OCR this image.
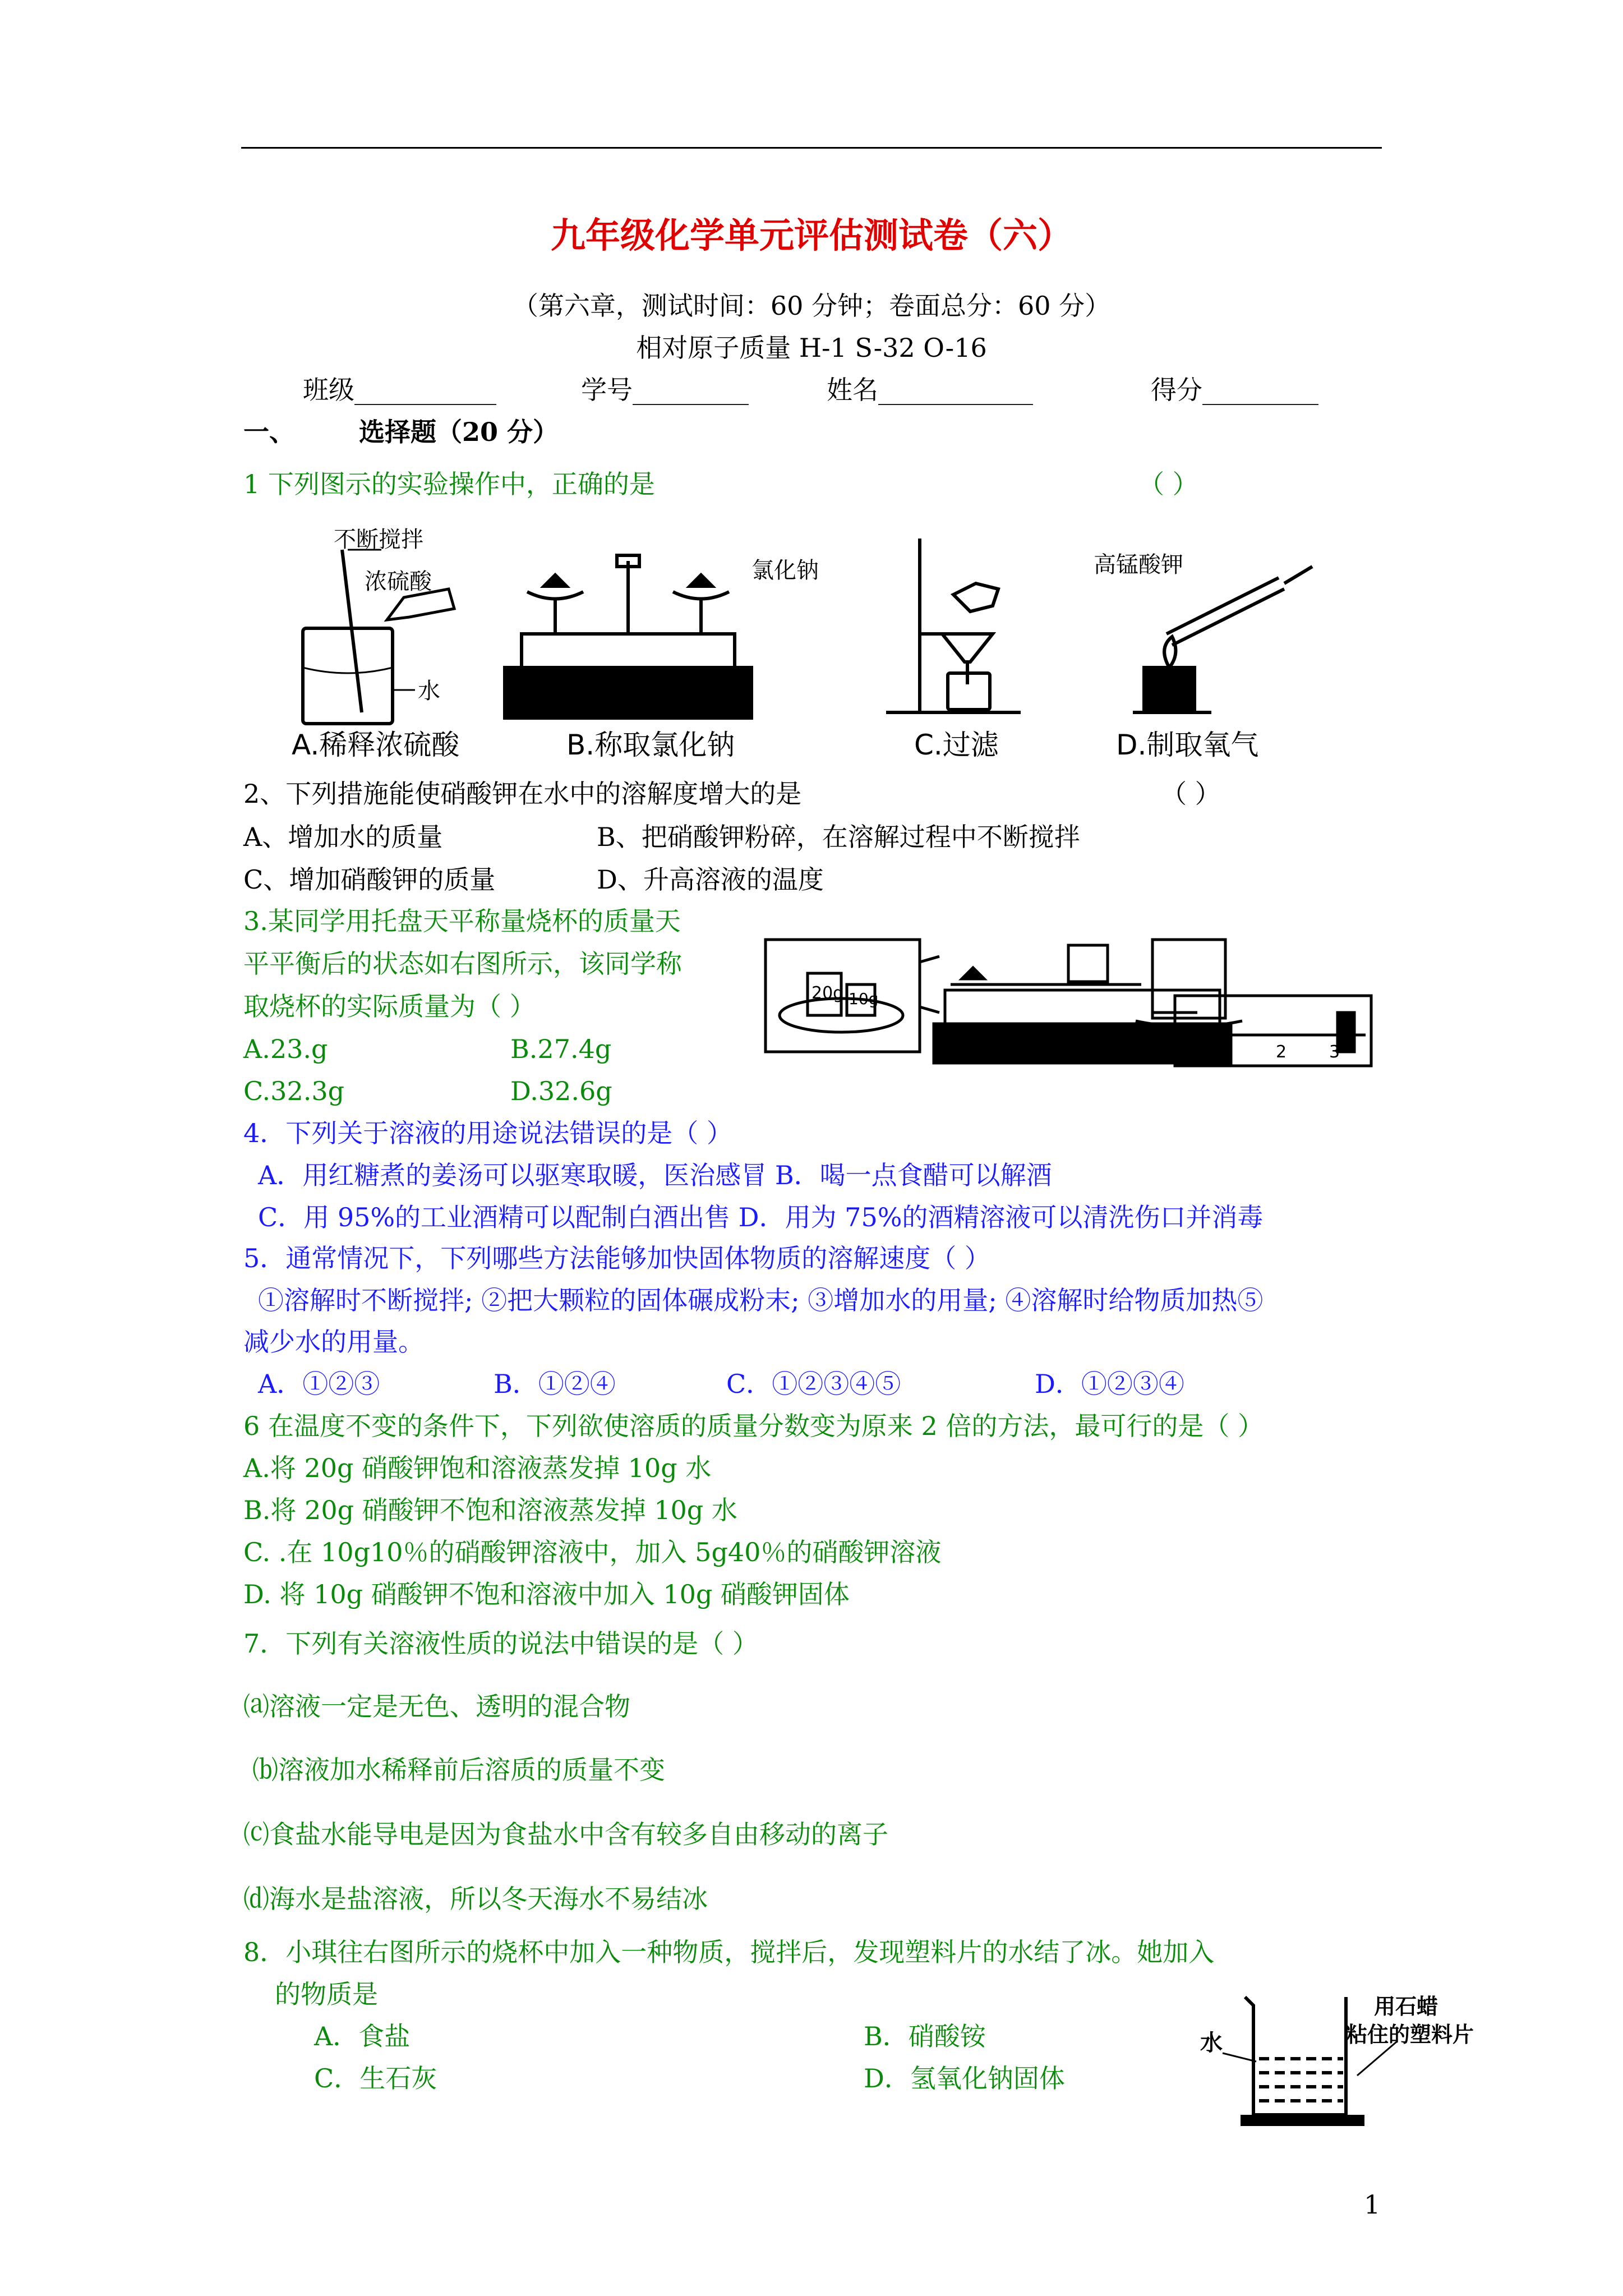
九年级化学单元评估测试卷（六）
（第六章，测试时间：60 分钟；卷面总分：60 分）
相对原子质量 H-1 S-32 O-16
班级___________	学号_________	姓名____________	得分_________
一、 选择题（20 分）
1 下列图示的实验操作中，正确的是	（ ）
不断搅拌
浓硫酸
水
A.稀释浓硫酸
氯化钠
B.称取氯化钠	C.过滤
高锰酸钾
D.制取氧气
2、下列措施能使硝酸钾在水中的溶解度增大的是	（ ）
A、增加水的质量	B、把硝酸钾粉碎，在溶解过程中不断搅拌
C、增加硝酸钾的质量	D、升高溶液的温度
3.某同学用托盘天平称量烧杯的质量天
平平衡后的状态如右图所示，该同学称
取烧杯的实际质量为（ ）
A.23.g	B.27.4g
C.32.3g	D.32.6g
20g 10g
1	2	3
4．下列关于溶液的用途说法错误的是（ ）
A．用红糖煮的姜汤可以驱寒取暖，医治感冒 B．喝一点食醋可以解酒
C．用 95%的工业酒精可以配制白酒出售 D．用为 75%的酒精溶液可以清洗伤口并消毒
5．通常情况下，下列哪些方法能够加快固体物质的溶解速度（ ）
①溶解时不断搅拌; ②把大颗粒的固体碾成粉末; ③增加水的用量; ④溶解时给物质加热⑤
减少水的用量。
A．①②③	B．①②④	C．①②③④⑤	D．①②③④
6 在温度不变的条件下，下列欲使溶质的质量分数变为原来 2 倍的方法，最可行的是（ ）
A.将 20g 硝酸钾饱和溶液蒸发掉 10g 水
B.将 20g 硝酸钾不饱和溶液蒸发掉 10g 水
C. .在 10g10％的硝酸钾溶液中，加入 5g40％的硝酸钾溶液
D. 将 10g 硝酸钾不饱和溶液中加入 10g 硝酸钾固体
7．下列有关溶液性质的说法中错误的是（ ）
⒜溶液一定是无色、透明的混合物
⒝溶液加水稀释前后溶质的质量不变
⒞食盐水能导电是因为食盐水中含有较多自由移动的离子
⒟海水是盐溶液，所以冬天海水不易结冰
8．小琪往右图所示的烧杯中加入一种物质，搅拌后，发现塑料片的水结了冰。她加入
的物质是
A．食盐	B．硝酸铵
C．生石灰	D．氢氧化钠固体
水
用石蜡
粘住的塑料片
1
